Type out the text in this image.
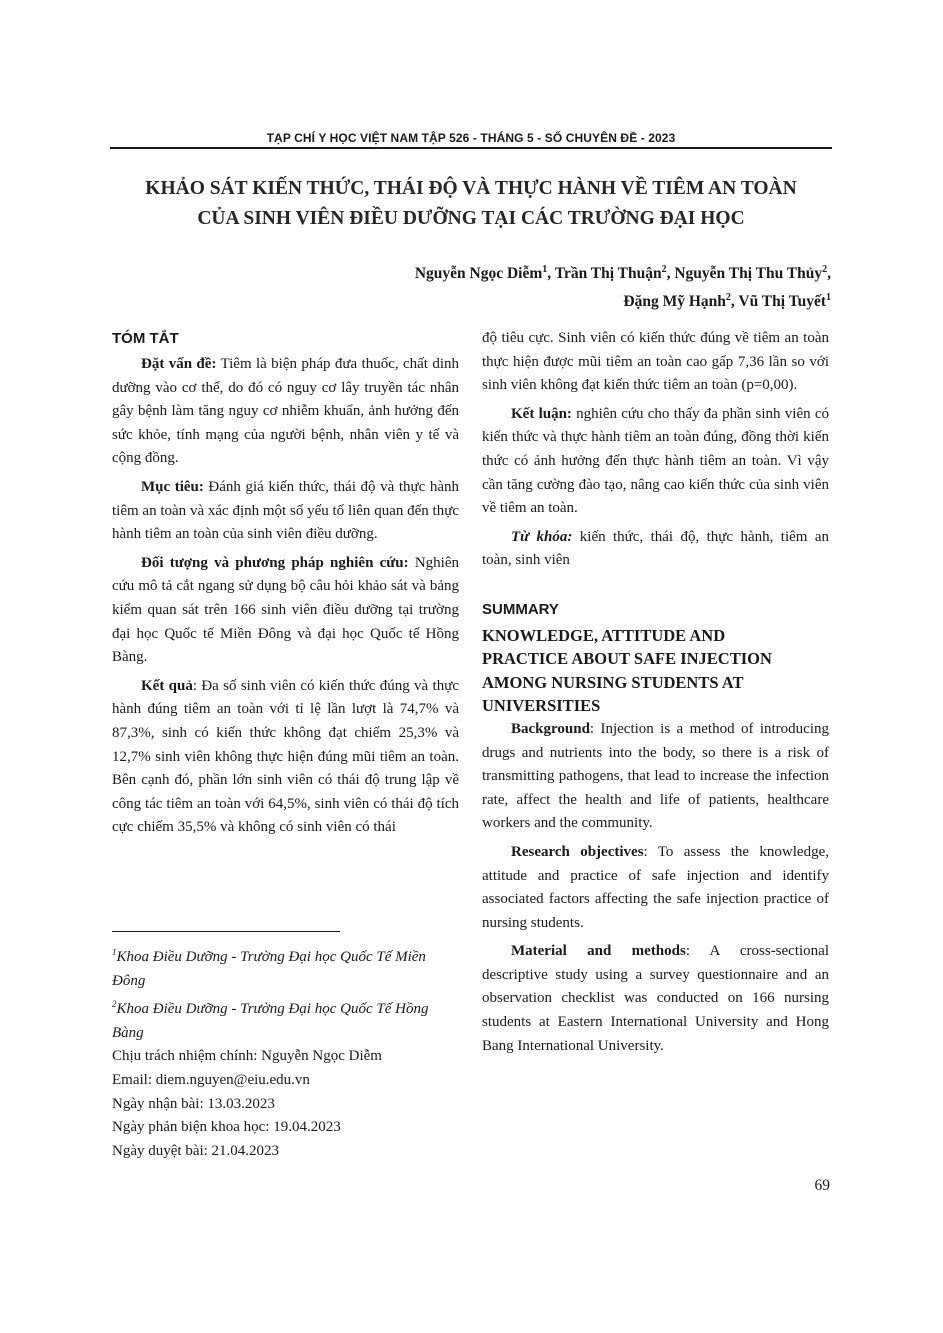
TẠP CHÍ Y HỌC VIỆT NAM TẬP 526 - THÁNG 5 - SỐ CHUYÊN ĐỀ - 2023
KHẢO SÁT KIẾN THỨC, THÁI ĐỘ VÀ THỰC HÀNH VỀ TIÊM AN TOÀN
CỦA SINH VIÊN ĐIỀU DƯỠNG TẠI CÁC TRƯỜNG ĐẠI HỌC
Nguyễn Ngọc Diễm$^1$, Trần Thị Thuận$^2$, Nguyễn Thị Thu Thủy$^2$,
Đặng Mỹ Hạnh$^2$, Vũ Thị Tuyết$^1$
TÓM TẮT

Đặt vấn đề: Tiêm là biện pháp đưa thuốc, chất dinh dưỡng vào cơ thể, do đó có nguy cơ lây truyền tác nhân gây bệnh làm tăng nguy cơ nhiễm khuẩn, ảnh hưởng đến sức khỏe, tính mạng của người bệnh, nhân viên y tế và cộng đồng.

Mục tiêu: Đánh giá kiến thức, thái độ và thực hành tiêm an toàn và xác định một số yếu tố liên quan đến thực hành tiêm an toàn của sinh viên điều dưỡng.

Đối tượng và phương pháp nghiên cứu: Nghiên cứu mô tả cắt ngang sử dụng bộ câu hỏi khảo sát và bảng kiểm quan sát trên 166 sinh viên điều dưỡng tại trường đại học Quốc tế Miền Đông và đại học Quốc tế Hồng Bàng.

Kết quả: Đa số sinh viên có kiến thức đúng và thực hành đúng tiêm an toàn với tỉ lệ lần lượt là 74,7% và 87,3%, sinh có kiến thức không đạt chiếm 25,3% và 12,7% sinh viên không thực hiện đúng mũi tiêm an toàn. Bên cạnh đó, phần lớn sinh viên có thái độ trung lập về công tác tiêm an toàn với 64,5%, sinh viên có thái độ tích cực chiếm 35,5% và không có sinh viên có thái

$^1$Khoa Điều Dưỡng - Trường Đại học Quốc Tế Miền Đông

$^2$Khoa Điều Dưỡng - Trường Đại học Quốc Tế Hồng Bàng

Chịu trách nhiệm chính: Nguyễn Ngọc Diễm

Email: diem.nguyen@eiu.edu.vn

Ngày nhận bài: 13.03.2023

Ngày phản biện khoa học: 19.04.2023

Ngày duyệt bài: 21.04.2023

độ tiêu cực. Sinh viên có kiến thức đúng về tiêm an toàn thực hiện được mũi tiêm an toàn cao gấp 7,36 lần so với sinh viên không đạt kiến thức tiêm an toàn (p=0,00).

Kết luận: nghiên cứu cho thấy đa phần sinh viên có kiến thức và thực hành tiêm an toàn đúng, đồng thời kiến thức có ảnh hưởng đến thực hành tiêm an toàn. Vì vậy cần tăng cường đào tạo, nâng cao kiến thức của sinh viên về tiêm an toàn.

Từ khóa: kiến thức, thái độ, thực hành, tiêm an toàn, sinh viên

SUMMARY

KNOWLEDGE, ATTITUDE AND

PRACTICE ABOUT SAFE INJECTION

AMONG NURSING STUDENTS AT

UNIVERSITIES

Background: Injection is a method of introducing drugs and nutrients into the body, so there is a risk of transmitting pathogens, that lead to increase the infection rate, affect the health and life of patients, healthcare workers and the community.

Research objectives: To assess the knowledge, attitude and practice of safe injection and identify associated factors affecting the safe injection practice of nursing students.

Material and methods: A cross-sectional descriptive study using a survey questionnaire and an observation checklist was conducted on 166 nursing students at Eastern International University and Hong Bang International University.

69
